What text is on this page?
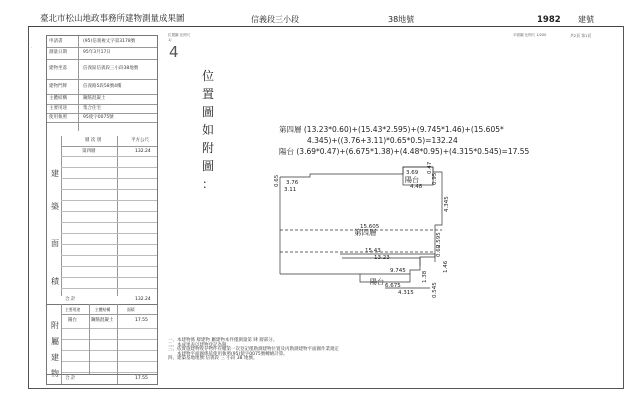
臺北市松山地政事務所建物測量成果圖	信義段三小段	38地號	1982 建號
平面圖 比例尺 1/200	共2頁 第1頁
位置圖 比例尺
1/
4
·
申請書	(95)信義複丈字第3178號
測量日期	95年3月17日
建物坐落	信義區信義段三小段38地號
建物門牌	信義路5段58號4樓
主體結構	鋼筋混凝土
主要用途	集合住宅
使用執照	95使字0075號
層 次 別	平方公尺
第四層	132.24
建
築
面
積
合 計	132.24
主要用途	主體結構	面積
陽台	鋼筋混凝土	17.55
附
屬
建
物
合 計	17.55
位
置
圖
如
附
圖
：
第四層 (13.23*0.60)+(15.43*2.595)+(9.745*1.46)+(15.605*
4.345)+((3.76+3.11)*0.65*0.5)=132.24
陽台 (3.69*0.47)+(6.675*1.38)+(4.48*0.95)+(4.315*0.545)=17.55
3.69
陽台
4.48
3.76
3.11
15.605
第四層
15.43
13.23
9.745
陽台 6.675
4.315
0.65
0.47
0.95
4.345
2.595
0.60
1.46
1.38
0.545
一、本建物係 層建物 屬建物本件僅測量第 肆 層部分。
二、本成果表以建物登記為限。
三、依實施建物收存物件有權第一次登記僅勘測建物位置及丙勘測建物平面圖作業規定
　　本建物平面圖係依使用執照(95)使字0075號轉繪計算。
四、建築基地地號:信義段 三 小段 38 地號。
